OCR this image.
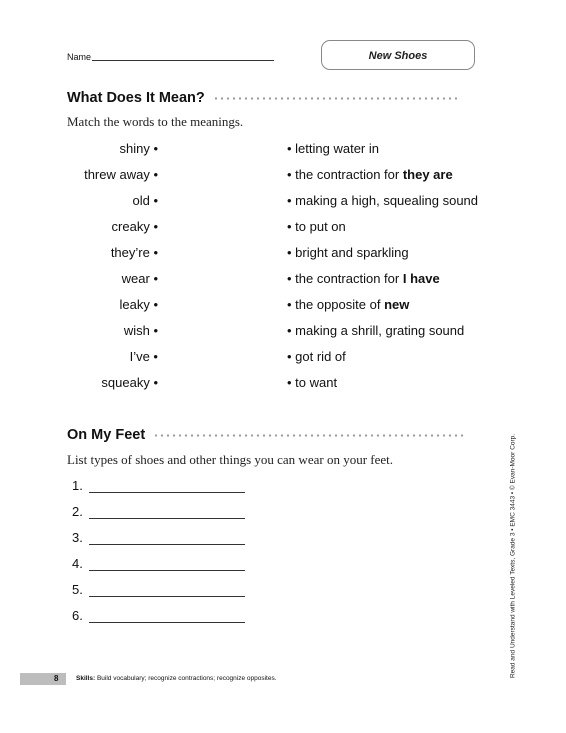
Name	New Shoes
What Does It Mean?
Match the words to the meanings.
shiny •
threw away •
old •
creaky •
they’re •
wear •
leaky •
wish •
I’ve •
squeaky •
• letting water in
• the contraction for they are
• making a high, squealing sound
• to put on
• bright and sparkling
• the contraction for I have
• the opposite of new
• making a shrill, grating sound
• got rid of
• to want
On My Feet
List types of shoes and other things you can wear on your feet.
1.
2.
3.
4.
5.
6.
8	Skills: Build vocabulary; recognize contractions; recognize opposites.
Read and Understand with Leveled Texts, Grade 3 • EMC 3443 • © Evan-Moor Corp.
